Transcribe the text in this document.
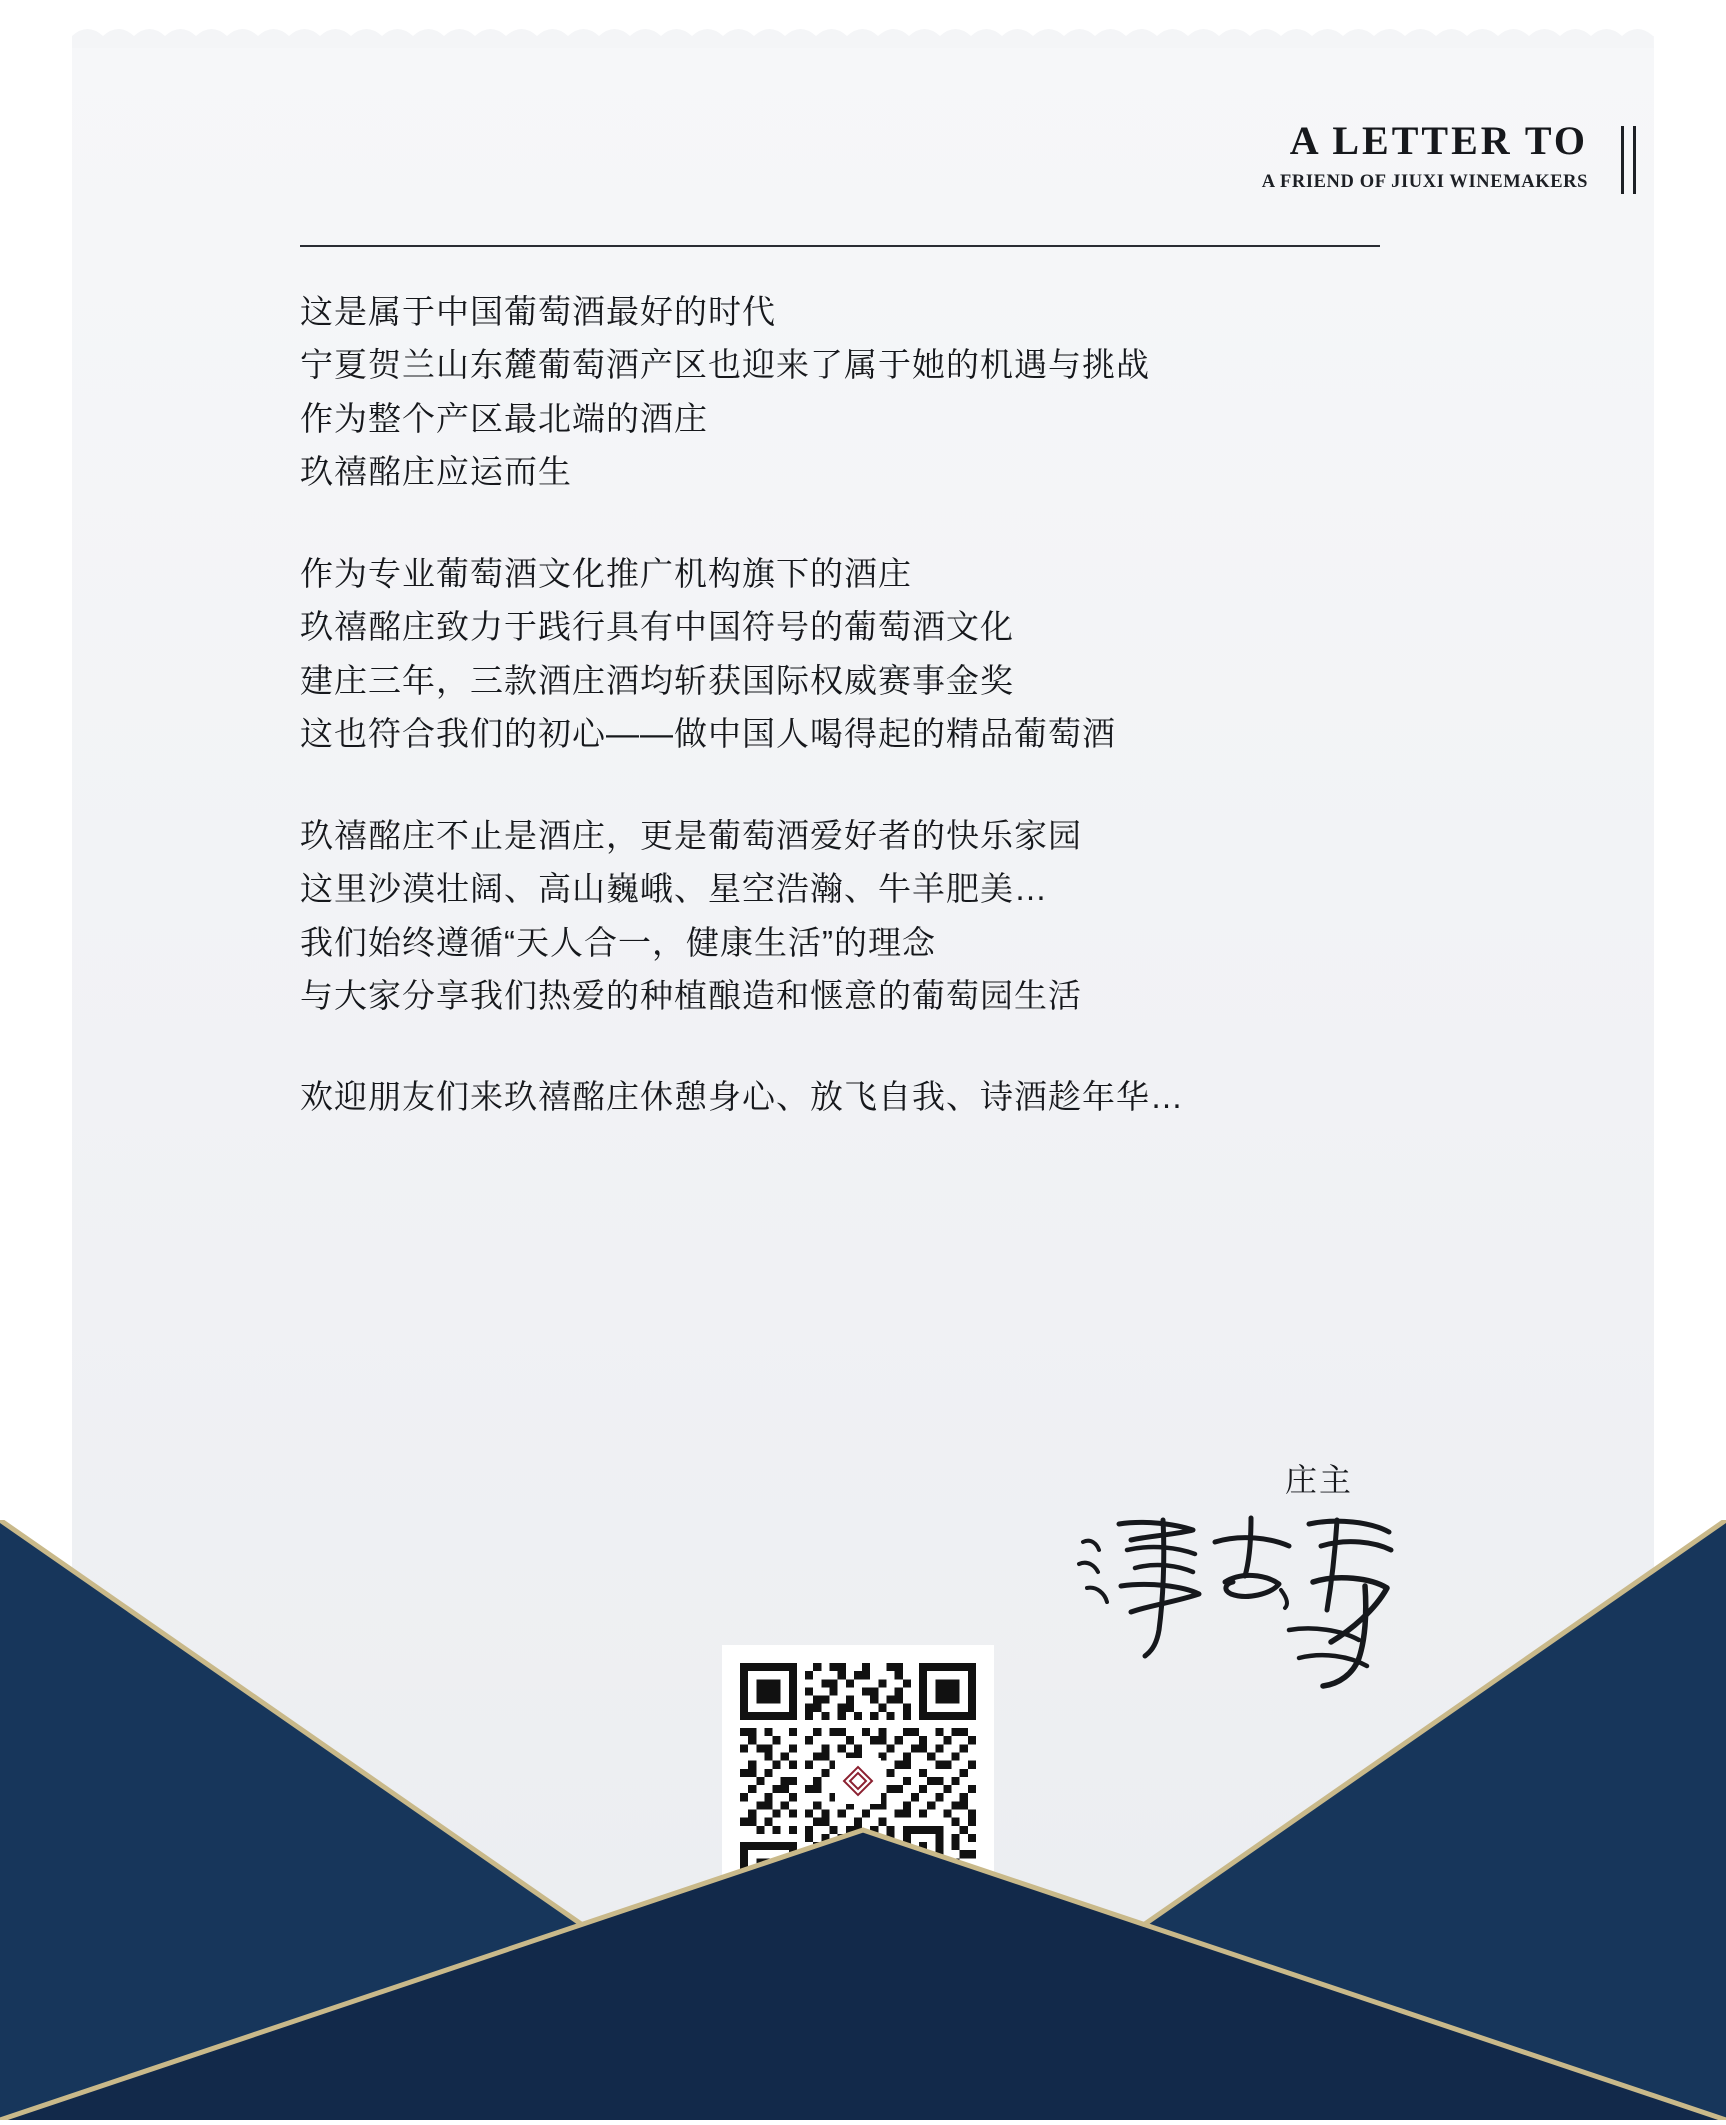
A LETTER TO

A FRIEND OF JIUXI WINEMAKERS

这是属于中国葡萄酒最好的时代
宁夏贺兰山东麓葡萄酒产区也迎来了属于她的机遇与挑战
作为整个产区最北端的酒庄
玖禧酩庄应运而生
作为专业葡萄酒文化推广机构旗下的酒庄
玖禧酩庄致力于践行具有中国符号的葡萄酒文化
建庄三年，三款酒庄酒均斩获国际权威赛事金奖
这也符合我们的初心——做中国人喝得起的精品葡萄酒
玖禧酩庄不止是酒庄，更是葡萄酒爱好者的快乐家园
这里沙漠壮阔、高山巍峨、星空浩瀚、牛羊肥美…
我们始终遵循“天人合一，健康生活”的理念
与大家分享我们热爱的种植酿造和惬意的葡萄园生活
欢迎朋友们来玖禧酩庄休憩身心、放飞自我、诗酒趁年华…
庄主
